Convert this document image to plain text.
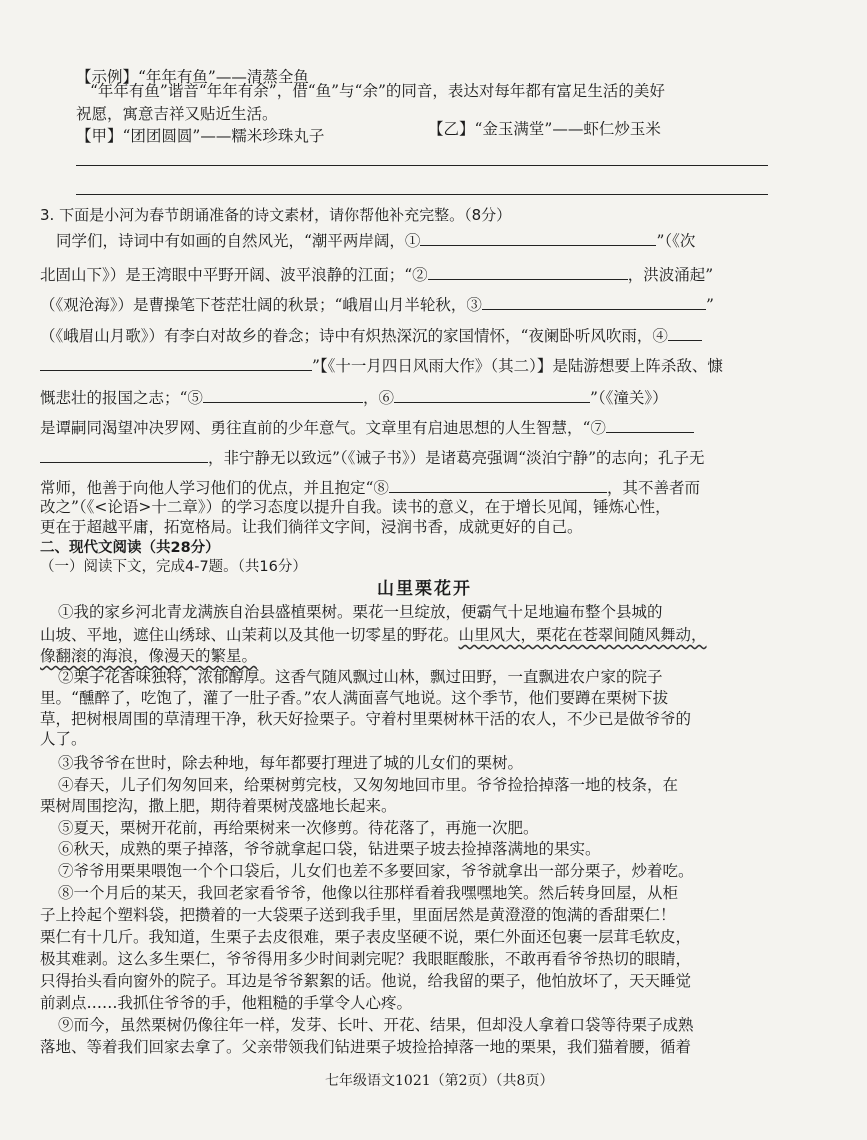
【示例】“年年有鱼”——清蒸全鱼
“年年有鱼”谐音“年年有余”，借“鱼”与“余”的同音，表达对每年都有富足生活的美好
祝愿，寓意吉祥又贴近生活。
【甲】“团团圆圆”——糯米珍珠丸子	【乙】“金玉满堂”——虾仁炒玉米
3. 下面是小河为春节朗诵准备的诗文素材，请你帮他补充完整。（8分）
同学们，诗词中有如画的自然风光，“潮平两岸阔，①	”（《次
北固山下》）是王湾眼中平野开阔、波平浪静的江面；“②	，洪波涌起”
（《观沧海》）是曹操笔下苍茫壮阔的秋景；“峨眉山月半轮秋，③	”
（《峨眉山月歌》）有李白对故乡的眷念；诗中有炽热深沉的家国情怀，“夜阑卧听风吹雨，④
”【《十一月四日风雨大作》（其二）】是陆游想要上阵杀敌、慷
慨悲壮的报国之志；“⑤	，⑥	”（《潼关》）
是谭嗣同渴望冲决罗网、勇往直前的少年意气。文章里有启迪思想的人生智慧，“⑦
，非宁静无以致远”（《诫子书》）是诸葛亮强调“淡泊宁静”的志向；孔子无
常师，他善于向他人学习他们的优点，并且抱定“⑧	，其不善者而
改之”（《<论语>十二章》）的学习态度以提升自我。读书的意义，在于增长见闻，锤炼心性，
更在于超越平庸，拓宽格局。让我们徜徉文字间，浸润书香，成就更好的自己。
二、现代文阅读（共28分）
（一）阅读下文，完成4-7题。（共16分）
山里栗花开
①我的家乡河北青龙满族自治县盛植栗树。栗花一旦绽放，便霸气十足地遍布整个县城的
山坡、平地，遮住山绣球、山茉莉以及其他一切零星的野花。山里风大，栗花在苍翠间随风舞动，
像翻滚的海浪，像漫天的繁星。
②栗子花香味独特，浓郁醇厚。这香气随风飘过山林，飘过田野，一直飘进农户家的院子
里。“醺醉了，吃饱了，灌了一肚子香。”农人满面喜气地说。这个季节，他们要蹲在栗树下拔
草，把树根周围的草清理干净，秋天好捡栗子。守着村里栗树林干活的农人，不少已是做爷爷的
人了。
③我爷爷在世时，除去种地，每年都要打理进了城的儿女们的栗树。
④春天，儿子们匆匆回来，给栗树剪完枝，又匆匆地回市里。爷爷捡拾掉落一地的枝条，在
栗树周围挖沟，撒上肥，期待着栗树茂盛地长起来。
⑤夏天，栗树开花前，再给栗树来一次修剪。待花落了，再施一次肥。
⑥秋天，成熟的栗子掉落，爷爷就拿起口袋，钻进栗子坡去捡掉落满地的果实。
⑦爷爷用栗果喂饱一个个口袋后，儿女们也差不多要回家，爷爷就拿出一部分栗子，炒着吃。
⑧一个月后的某天，我回老家看爷爷，他像以往那样看着我嘿嘿地笑。然后转身回屋，从柜
子上拎起个塑料袋，把攒着的一大袋栗子送到我手里，里面居然是黄澄澄的饱满的香甜栗仁！
栗仁有十几斤。我知道，生栗子去皮很难，栗子表皮坚硬不说，栗仁外面还包裹一层茸毛软皮，
极其难剥。这么多生栗仁，爷爷得用多少时间剥完呢？我眼眶酸胀，不敢再看爷爷热切的眼睛，
只得抬头看向窗外的院子。耳边是爷爷絮絮的话。他说，给我留的栗子，他怕放坏了，天天睡觉
前剥点……我抓住爷爷的手，他粗糙的手掌令人心疼。
⑨而今，虽然栗树仍像往年一样，发芽、长叶、开花、结果，但却没人拿着口袋等待栗子成熟
落地、等着我们回家去拿了。父亲带领我们钻进栗子坡捡拾掉落一地的栗果，我们猫着腰，循着
七年级语文1021（第2页）（共8页）
